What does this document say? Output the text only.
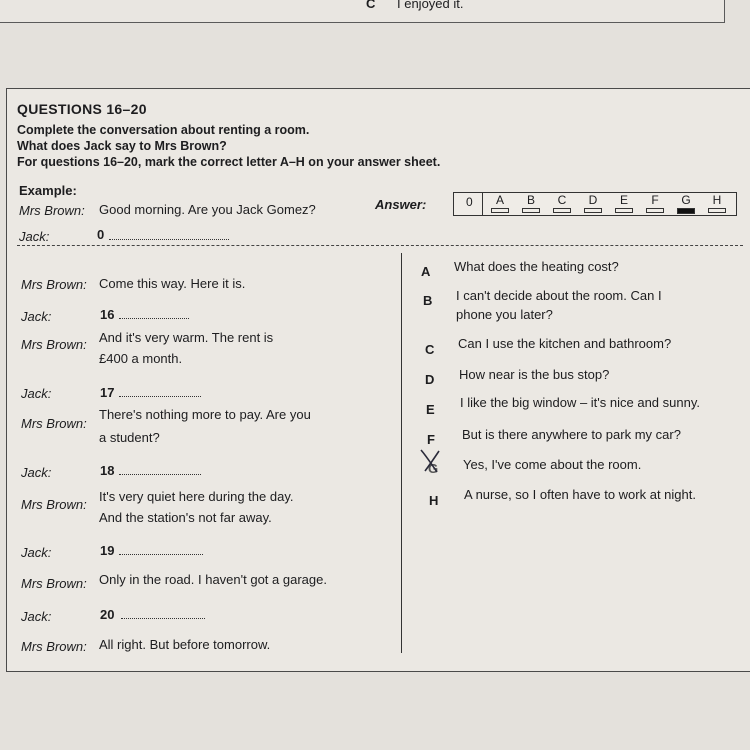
C I enjoyed it.
QUESTIONS 16–20
Complete the conversation about renting a room.
What does Jack say to Mrs Brown?
For questions 16–20, mark the correct letter A–H on your answer sheet.
Example:
Mrs Brown: Good morning. Are you Jack Gomez?
Jack:	0
Answer:	0	A	B	C	D	E	F	G	H
Mrs Brown: Come this way. Here it is.
Jack:	16
Mrs Brown: And it's very warm. The rent is
£400 a month.
Jack:	17
Mrs Brown:
There's nothing more to pay. Are you
a student?
Jack:	18
Mrs Brown:
It's very quiet here during the day.
And the station's not far away.
Jack:	19
Mrs Brown: Only in the road. I haven't got a garage.
Jack:	20
Mrs Brown: All right. But before tomorrow.
A What does the heating cost?
B I can't decide about the room. Can I
phone you later?
C Can I use the kitchen and bathroom?
D How near is the bus stop?
E I like the big window – it's nice and sunny.
F But is there anywhere to park my car?
G Yes, I've come about the room.
H A nurse, so I often have to work at night.
